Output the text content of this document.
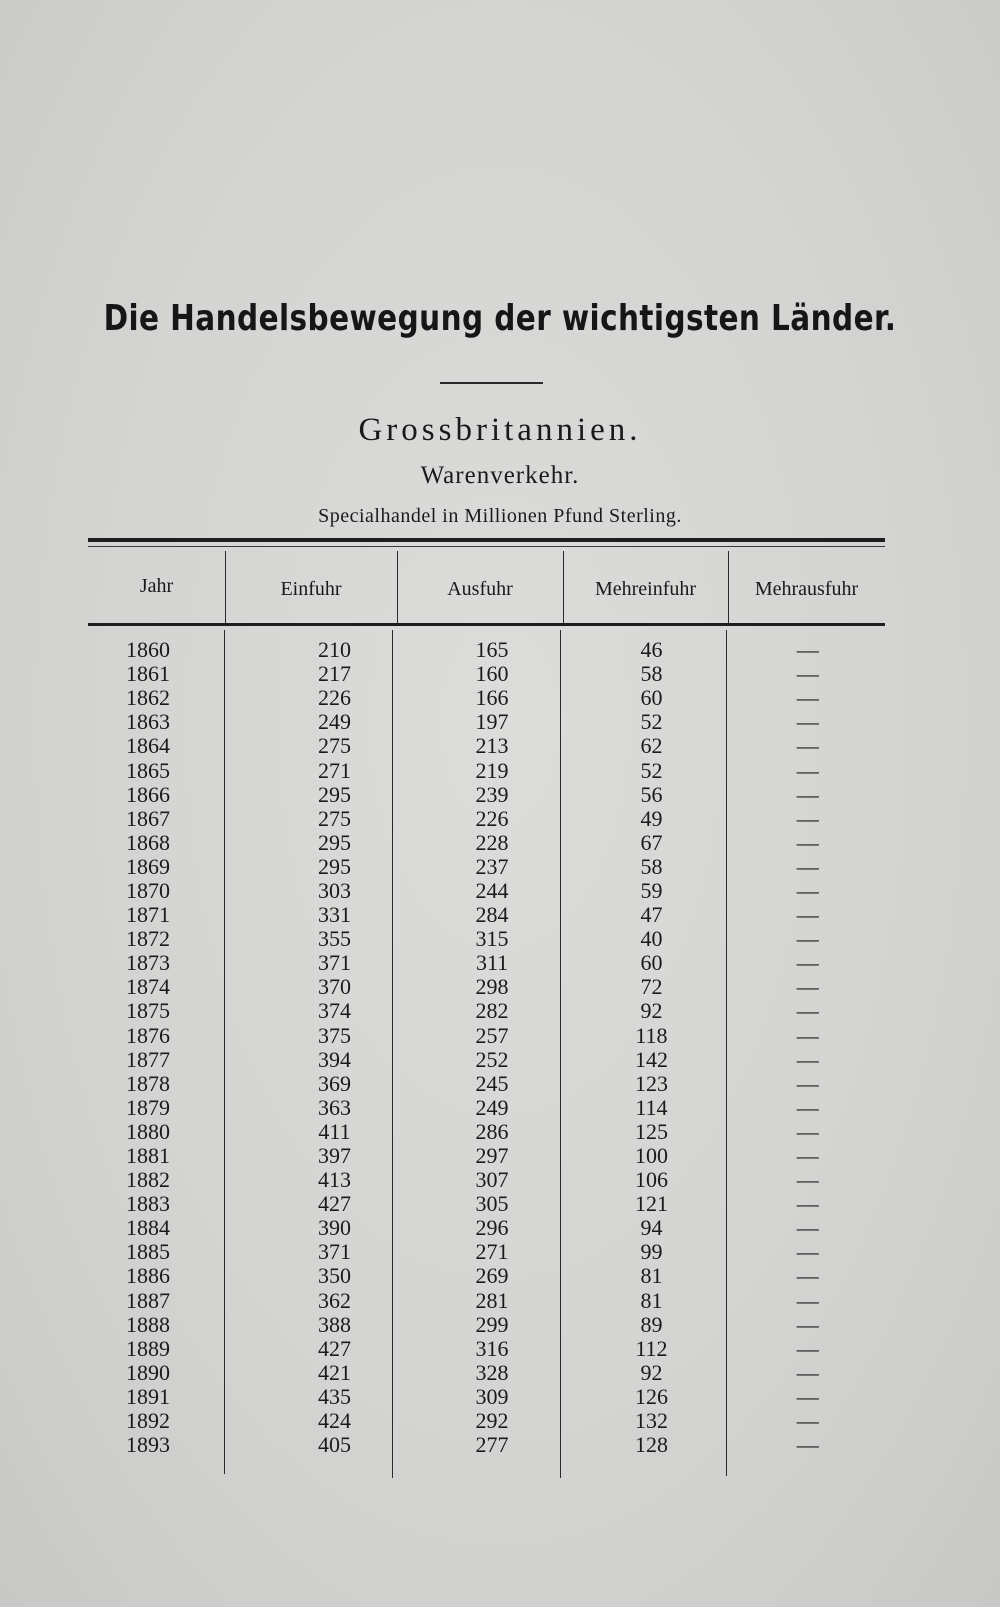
Die Handelsbewegung der wichtigsten Länder.
Grossbritannien.
Warenverkehr.
Specialhandel in Millionen Pfund Sterling.
Jahr	Einfuhr	Ausfuhr	Mehreinfuhr	Mehrausfuhr
1860	210	165	46	—
1861	217	160	58	—
1862	226	166	60	—
1863	249	197	52	—
1864	275	213	62	—
1865	271	219	52	—
1866	295	239	56	—
1867	275	226	49	—
1868	295	228	67	—
1869	295	237	58	—
1870	303	244	59	—
1871	331	284	47	—
1872	355	315	40	—
1873	371	311	60	—
1874	370	298	72	—
1875	374	282	92	—
1876	375	257	118	—
1877	394	252	142	—
1878	369	245	123	—
1879	363	249	114	—
1880	411	286	125	—
1881	397	297	100	—
1882	413	307	106	—
1883	427	305	121	—
1884	390	296	94	—
1885	371	271	99	—
1886	350	269	81	—
1887	362	281	81	—
1888	388	299	89	—
1889	427	316	112	—
1890	421	328	92	—
1891	435	309	126	—
1892	424	292	132	—
1893	405	277	128	—
